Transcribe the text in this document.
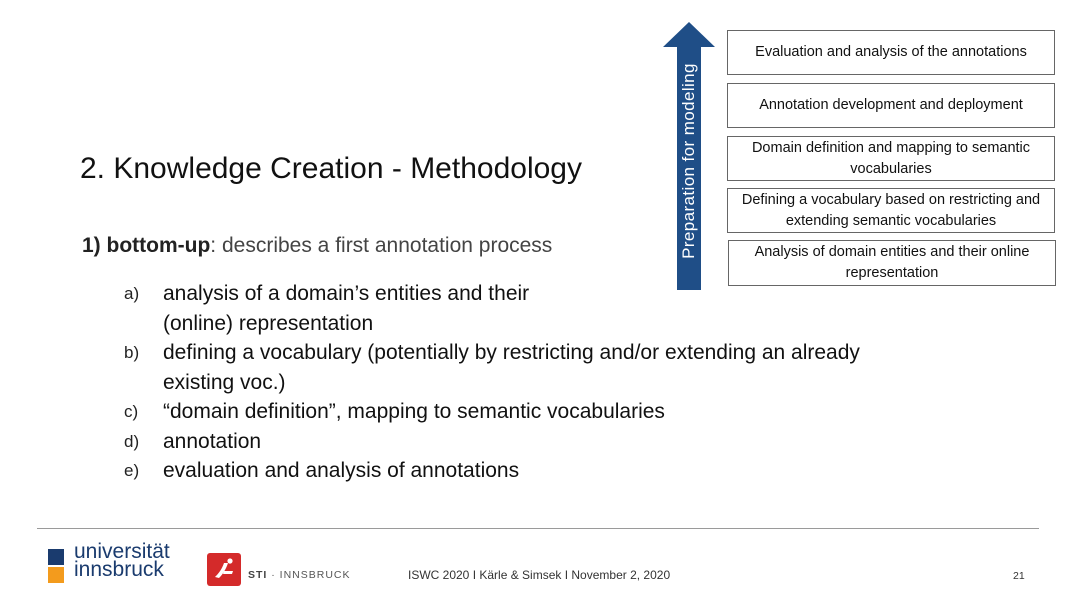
2. Knowledge Creation - Methodology
1) bottom-up: describes a first annotation process
a)	analysis of a domain’s entities and their
(online) representation
b)	defining a vocabulary (potentially by restricting and/or extending an already
existing voc.)
c)	“domain definition”, mapping to semantic vocabularies
d)	annotation
e)	evaluation and analysis of annotations
Preparation for modeling
Evaluation and analysis of the annotations
Annotation development and deployment
Domain definition and mapping to semantic vocabularies
Defining a vocabulary based on restricting and extending semantic vocabularies
Analysis of domain entities and their online representation
universität
innsbruck	STI · INNSBRUCK	ISWC 2020 I Kärle & Simsek I November 2, 2020	21
